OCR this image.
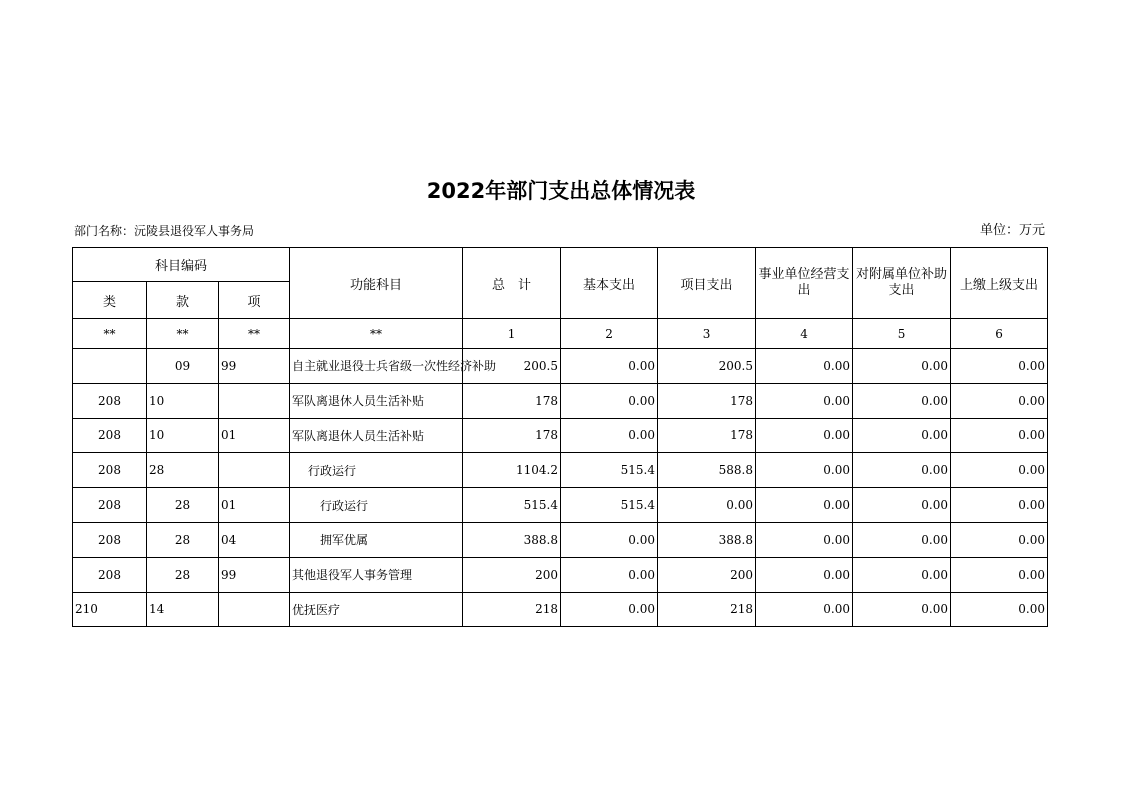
2022年部门支出总体情况表
部门名称：沅陵县退役军人事务局	单位：万元
科目编码			功能科目	总　计	基本支出	项目支出	事业单位经营支出	对附属单位补助支出	上缴上级支出
类	款	项							
**	**	**	**	1	2	3	4	5	6
	09	99	自主就业退役士兵省级一次性经济补助	200.5	0.00	200.5	0.00	0.00	0.00
208	10		军队离退休人员生活补贴	178	0.00	178	0.00	0.00	0.00
208	10	01	军队离退休人员生活补贴	178	0.00	178	0.00	0.00	0.00
208	28		行政运行	1104.2	515.4	588.8	0.00	0.00	0.00
208	28	01	行政运行	515.4	515.4	0.00	0.00	0.00	0.00
208	28	04	拥军优属	388.8	0.00	388.8	0.00	0.00	0.00
208	28	99	其他退役军人事务管理	200	0.00	200	0.00	0.00	0.00
210	14		优抚医疗	218	0.00	218	0.00	0.00	0.00
